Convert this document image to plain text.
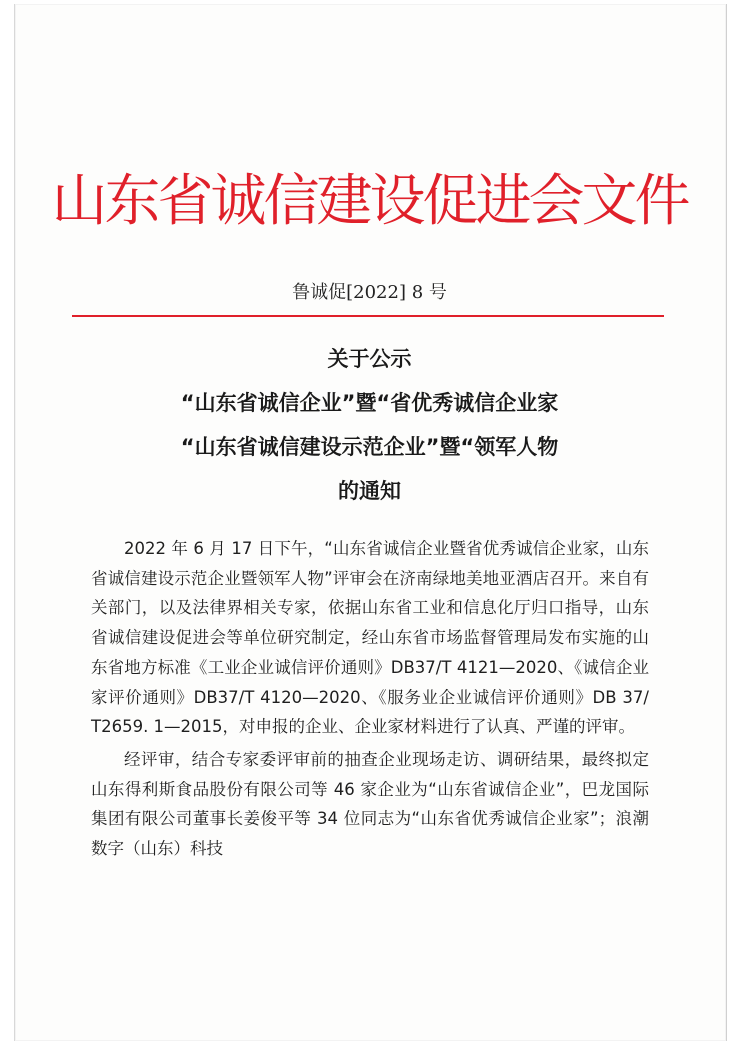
山东省诚信建设促进会文件
鲁诚促[2022] 8 号
关于公示
“山东省诚信企业”暨“省优秀诚信企业家
“山东省诚信建设示范企业”暨“领军人物
的通知

2022 年 6 月 17 日下午，“山东省诚信企业暨省优秀诚信企业家，山东省诚信建设示范企业暨领军人物”评审会在济南绿地美地亚酒店召开。来自有关部门，以及法律界相关专家，依据山东省工业和信息化厅归口指导，山东省诚信建设促进会等单位研究制定，经山东省市场监督管理局发布实施的山东省地方标准《工业企业诚信评价通则》DB37/T 4121—2020、《诚信企业家评价通则》DB37/T 4120—2020、《服务业企业诚信评价通则》DB 37/ T2659. 1—2015，对申报的企业、企业家材料进行了认真、严谨的评审。

经评审，结合专家委评审前的抽查企业现场走访、调研结果，最终拟定山东得利斯食品股份有限公司等 46 家企业为“山东省诚信企业”，巴龙国际集团有限公司董事长姜俊平等 34 位同志为“山东省优秀诚信企业家”；浪潮数字（山东）科技
